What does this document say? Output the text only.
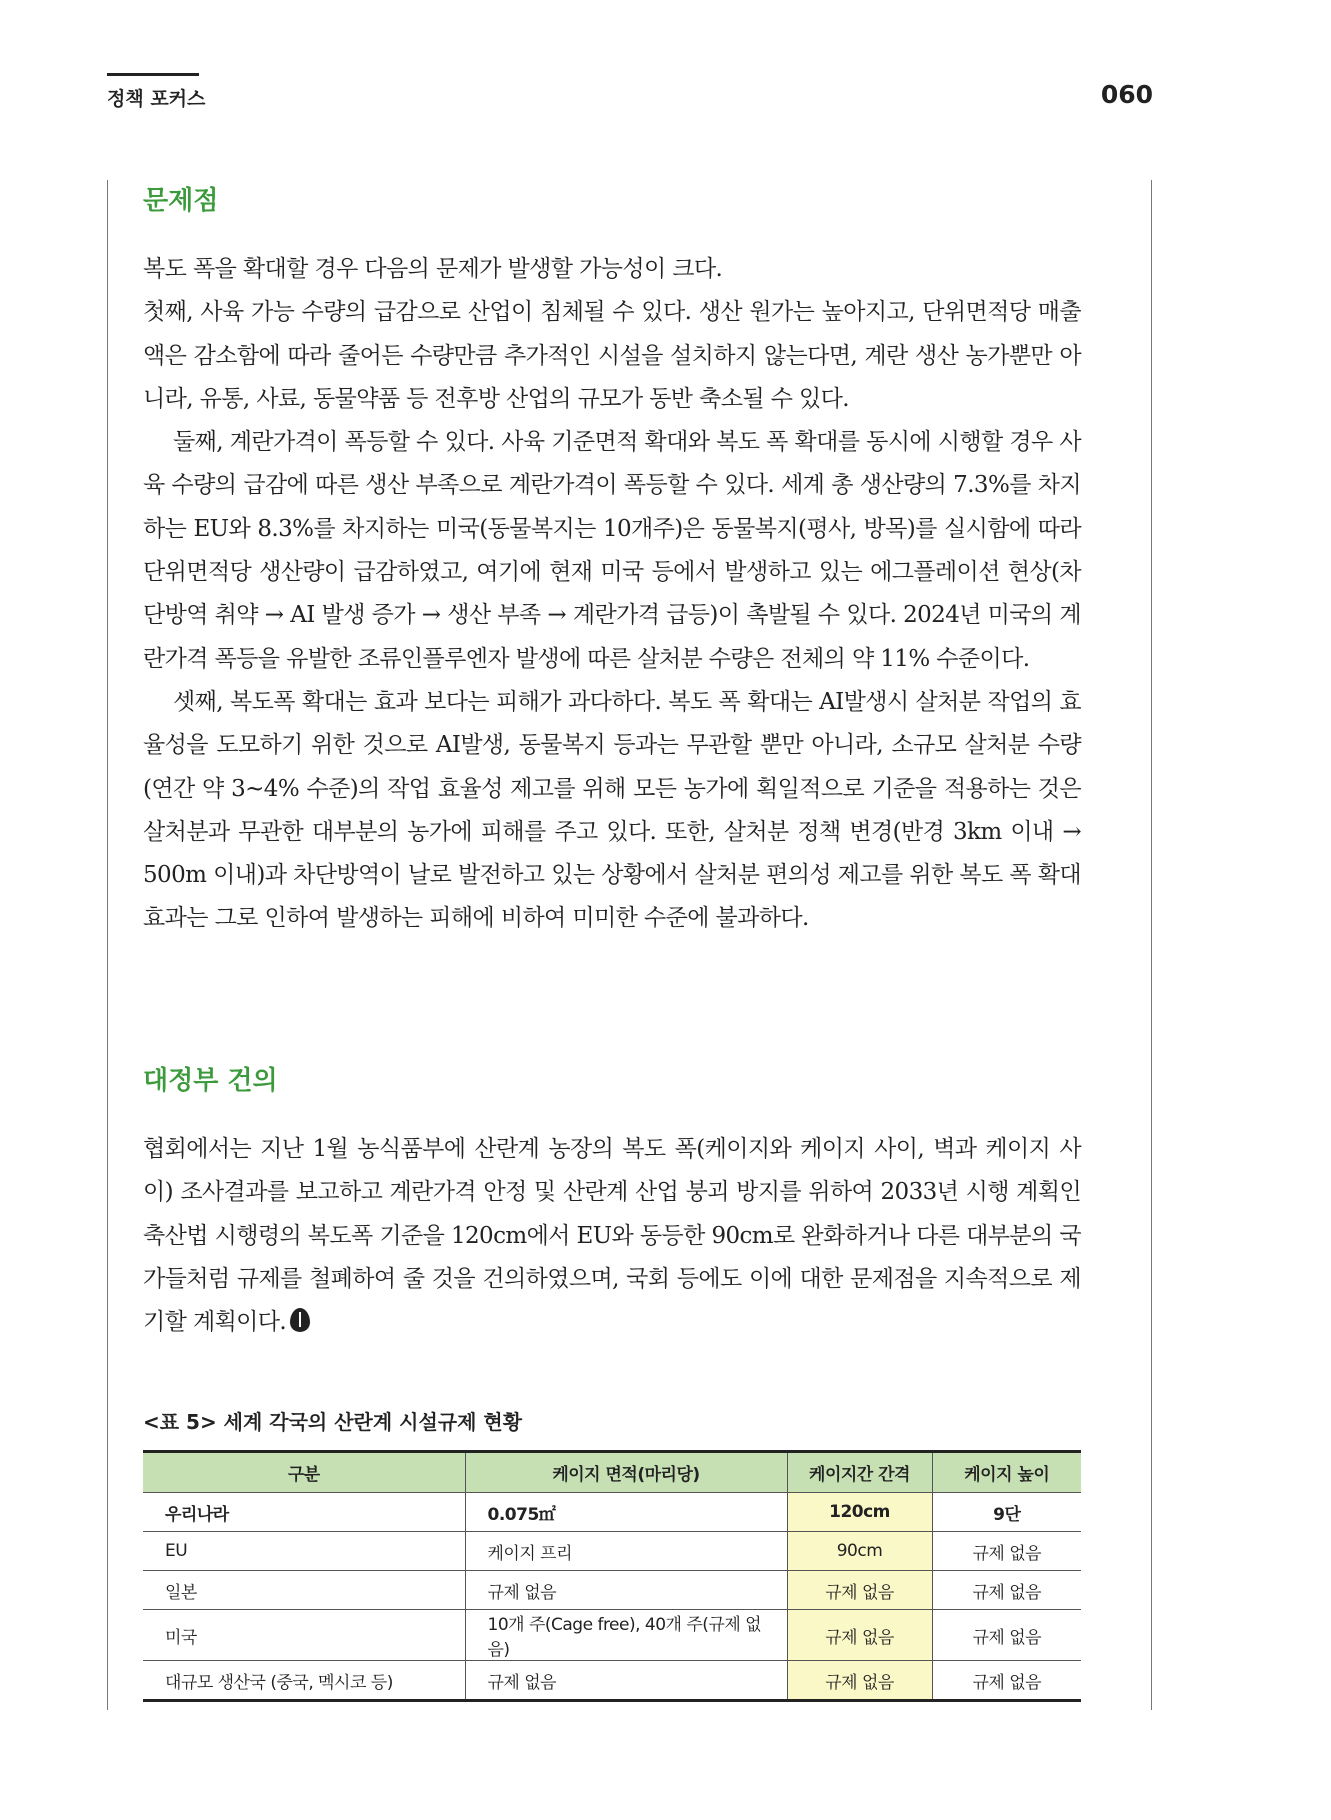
정책 포커스	060
문제점

복도 폭을 확대할 경우 다음의 문제가 발생할 가능성이 크다.

첫째, 사육 가능 수량의 급감으로 산업이 침체될 수 있다. 생산 원가는 높아지고, 단위면적당 매출액은 감소함에 따라 줄어든 수량만큼 추가적인 시설을 설치하지 않는다면, 계란 생산 농가뿐만 아니라, 유통, 사료, 동물약품 등 전후방 산업의 규모가 동반 축소될 수 있다.

둘째, 계란가격이 폭등할 수 있다. 사육 기준면적 확대와 복도 폭 확대를 동시에 시행할 경우 사육 수량의 급감에 따른 생산 부족으로 계란가격이 폭등할 수 있다. 세계 총 생산량의 7.3%를 차지하는 EU와 8.3%를 차지하는 미국(동물복지는 10개주)은 동물복지(평사, 방목)를 실시함에 따라 단위면적당 생산량이 급감하였고, 여기에 현재 미국 등에서 발생하고 있는 에그플레이션 현상(차단방역 취약 → AI 발생 증가 → 생산 부족 → 계란가격 급등)이 촉발될 수 있다. 2024년 미국의 계란가격 폭등을 유발한 조류인플루엔자 발생에 따른 살처분 수량은 전체의 약 11% 수준이다.

셋째, 복도폭 확대는 효과 보다는 피해가 과다하다. 복도 폭 확대는 AI발생시 살처분 작업의 효율성을 도모하기 위한 것으로 AI발생, 동물복지 등과는 무관할 뿐만 아니라, 소규모 살처분 수량(연간 약 3~4% 수준)의 작업 효율성 제고를 위해 모든 농가에 획일적으로 기준을 적용하는 것은 살처분과 무관한 대부분의 농가에 피해를 주고 있다. 또한, 살처분 정책 변경(반경 3km 이내 → 500m 이내)과 차단방역이 날로 발전하고 있는 상황에서 살처분 편의성 제고를 위한 복도 폭 확대 효과는 그로 인하여 발생하는 피해에 비하여 미미한 수준에 불과하다.

대정부 건의

협회에서는 지난 1월 농식품부에 산란계 농장의 복도 폭(케이지와 케이지 사이, 벽과 케이지 사이) 조사결과를 보고하고 계란가격 안정 및 산란계 산업 붕괴 방지를 위하여 2033년 시행 계획인 축산법 시행령의 복도폭 기준을 120cm에서 EU와 동등한 90cm로 완화하거나 다른 대부분의 국가들처럼 규제를 철폐하여 줄 것을 건의하였으며, 국회 등에도 이에 대한 문제점을 지속적으로 제기할 계획이다.

<표 5> 세계 각국의 산란계 시설규제 현황
구분	케이지 면적(마리당)	케이지간 간격	케이지 높이
우리나라	0.075㎡	120cm	9단
EU	케이지 프리	90cm	규제 없음
일본	규제 없음	규제 없음	규제 없음
미국	10개 주(Cage free), 40개 주(규제 없음)	규제 없음	규제 없음
대규모 생산국 (중국, 멕시코 등)	규제 없음	규제 없음	규제 없음
